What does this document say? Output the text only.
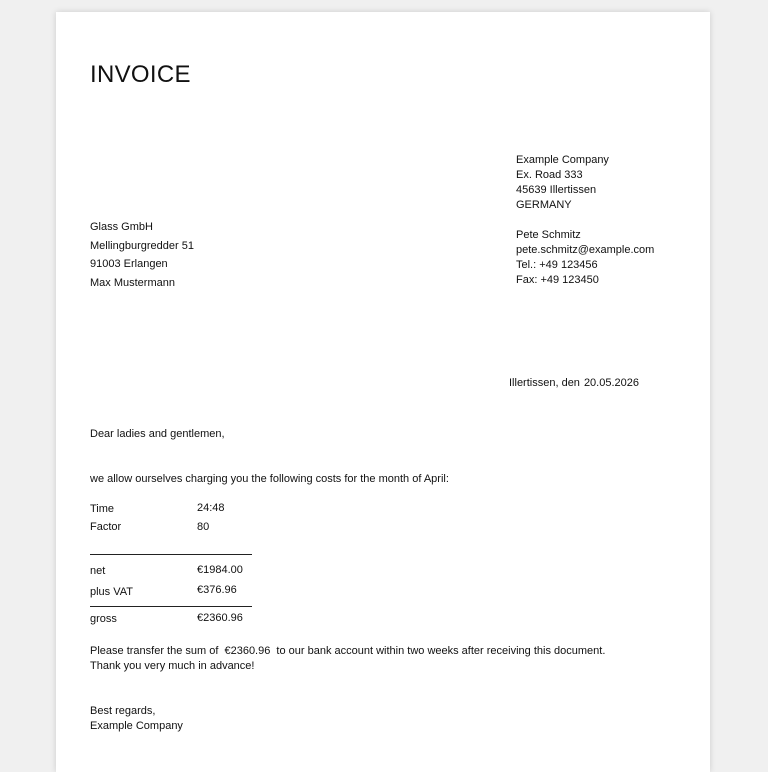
INVOICE
Example Company
Ex. Road 333
45639 Illertissen
GERMANY
Pete Schmitz
pete.schmitz@example.com
Tel.: +49 123456
Fax: +49 123450
Glass GmbH
Mellingburgredder 51
91003 Erlangen
Max Mustermann
Illertissen, den 20.05.2026
Dear ladies and gentlemen,
we allow ourselves charging you the following costs for the month of April:
Time	24:48
Factor	80
net	€1984.00
plus VAT	€376.96
gross	€2360.96
Please transfer the sum of €2360.96 to our bank account within two weeks after receiving this document.
Thank you very much in advance!
Best regards,
Example Company
